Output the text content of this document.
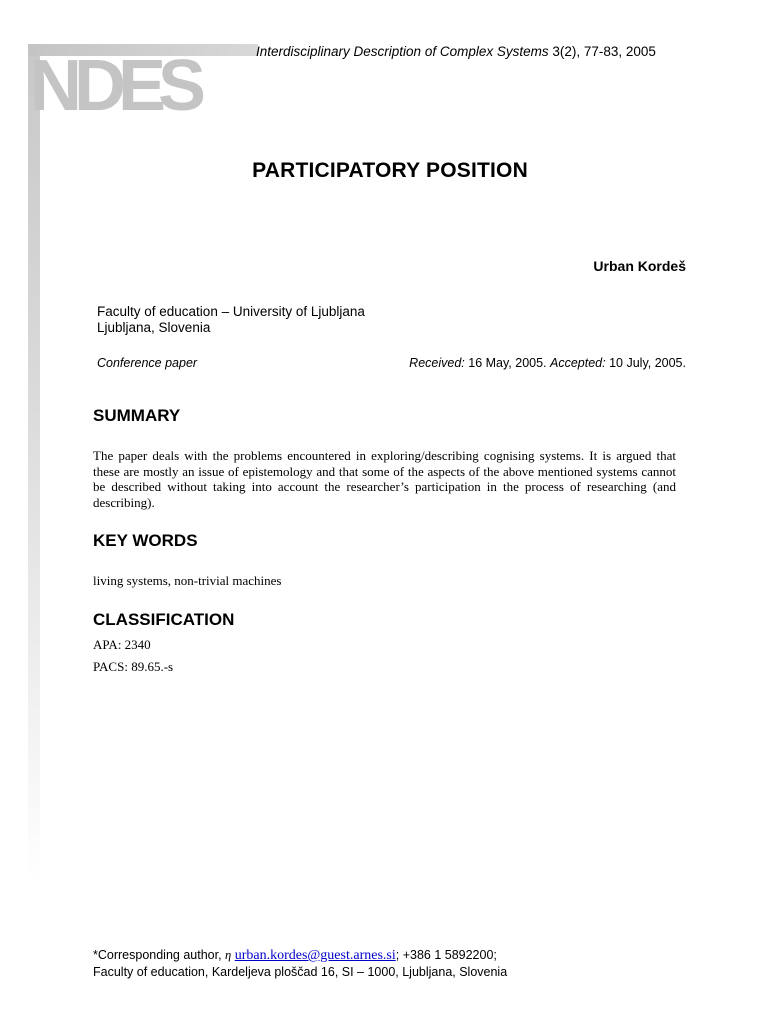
NDES	Interdisciplinary Description of Complex Systems 3(2), 77-83, 2005
PARTICIPATORY POSITION
Urban Kordeš
Faculty of education – University of Ljubljana
Ljubljana, Slovenia
Conference paper	Received: 16 May, 2005. Accepted: 10 July, 2005.
SUMMARY
The paper deals with the problems encountered in exploring/describing cognising systems. It is argued that these are mostly an issue of epistemology and that some of the aspects of the above mentioned systems cannot be described without taking into account the researcher’s participation in the process of researching (and describing).
KEY WORDS
living systems, non-trivial machines
CLASSIFICATION
APA: 2340
PACS: 89.65.-s
*Corresponding author, η urban.kordes@guest.arnes.si; +386 1 5892200;
Faculty of education, Kardeljeva ploščad 16, SI – 1000, Ljubljana, Slovenia
